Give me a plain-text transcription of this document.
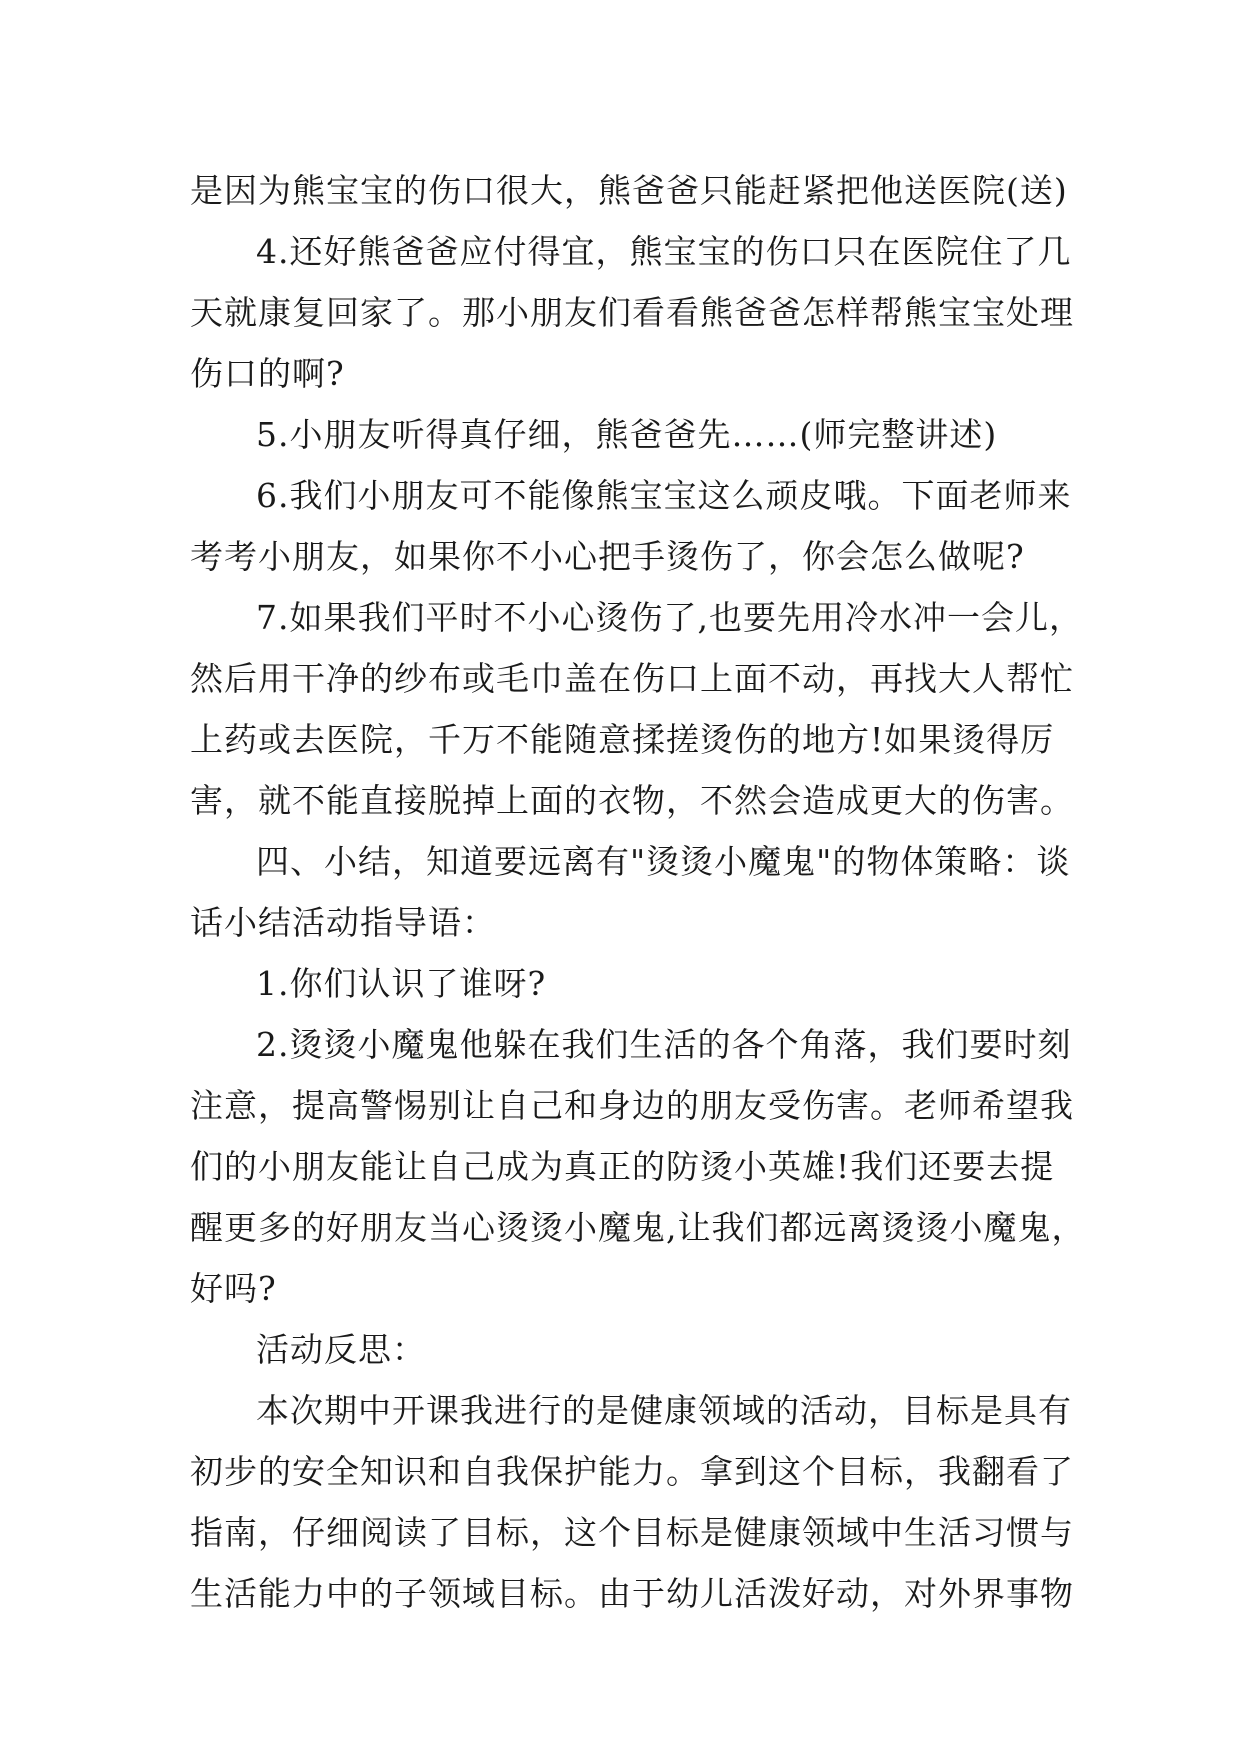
是因为熊宝宝的伤口很大，熊爸爸只能赶紧把他送医院(送)
4.还好熊爸爸应付得宜，熊宝宝的伤口只在医院住了几
天就康复回家了。那小朋友们看看熊爸爸怎样帮熊宝宝处理
伤口的啊?
5.小朋友听得真仔细，熊爸爸先……(师完整讲述)
6.我们小朋友可不能像熊宝宝这么顽皮哦。下面老师来
考考小朋友，如果你不小心把手烫伤了，你会怎么做呢?
7.如果我们平时不小心烫伤了,也要先用冷水冲一会儿，
然后用干净的纱布或毛巾盖在伤口上面不动，再找大人帮忙
上药或去医院，千万不能随意揉搓烫伤的地方!如果烫得厉
害，就不能直接脱掉上面的衣物，不然会造成更大的伤害。
四、小结，知道要远离有"烫烫小魔鬼"的物体策略：谈
话小结活动指导语：
1.你们认识了谁呀?
2.烫烫小魔鬼他躲在我们生活的各个角落，我们要时刻
注意，提高警惕别让自己和身边的朋友受伤害。老师希望我
们的小朋友能让自己成为真正的防烫小英雄!我们还要去提
醒更多的好朋友当心烫烫小魔鬼,让我们都远离烫烫小魔鬼，
好吗?
活动反思：
本次期中开课我进行的是健康领域的活动，目标是具有
初步的安全知识和自我保护能力。拿到这个目标，我翻看了
指南，仔细阅读了目标，这个目标是健康领域中生活习惯与
生活能力中的子领域目标。由于幼儿活泼好动，对外界事物
